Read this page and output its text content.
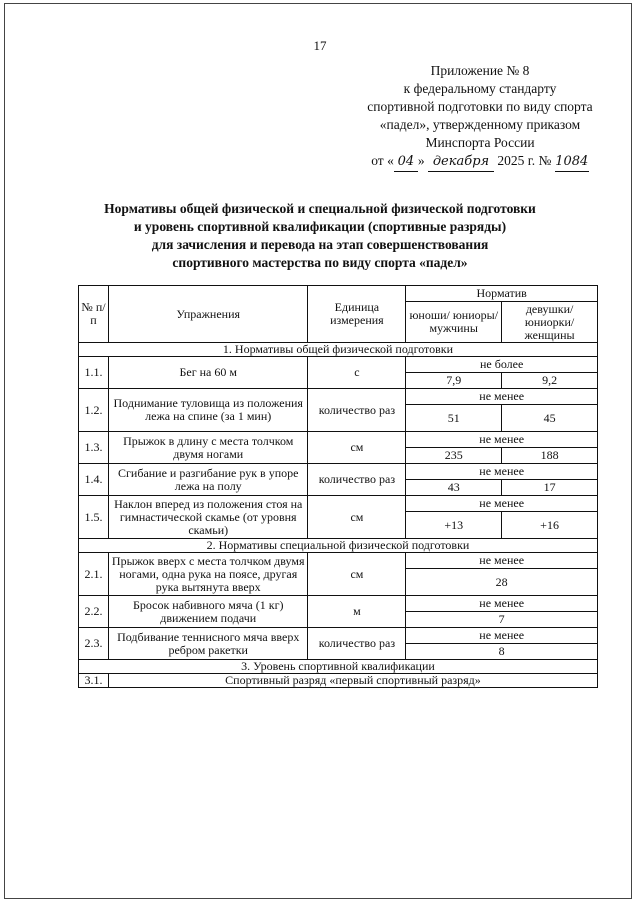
17
Приложение № 8
к федеральному стандарту
спортивной подготовки по виду спорта
«падел», утвержденному приказом
Минспорта России
от « 04 » декабря 2025 г. № 1084
Нормативы общей физической и специальной физической подготовки
и уровень спортивной квалификации (спортивные разряды)
для зачисления и перевода на этап совершенствования
спортивного мастерства по виду спорта «падел»
№ п/п	Упражнения	Единица измерения	Норматив	
			юноши/ юниоры/ мужчины	девушки/ юниорки/ женщины
1. Нормативы общей физической подготовки				
1.1.	Бег на 60 м	с	не более	
			7,9	9,2
1.2.	Поднимание туловища из положения лежа на спине (за 1 мин)	количество раз	не менее	
			51	45
1.3.	Прыжок в длину с места толчком двумя ногами	см	не менее	
			235	188
1.4.	Сгибание и разгибание рук в упоре лежа на полу	количество раз	не менее	
			43	17
1.5.	Наклон вперед из положения стоя на гимнастической скамье (от уровня скамьи)	см	не менее	
			+13	+16
2. Нормативы специальной физической подготовки				
2.1.	Прыжок вверх с места толчком двумя ногами, одна рука на поясе, другая рука вытянута вверх	см	не менее	
			28	
2.2.	Бросок набивного мяча (1 кг) движением подачи	м	не менее	
			7	
2.3.	Подбивание теннисного мяча вверх ребром ракетки	количество раз	не менее	
			8	
3. Уровень спортивной квалификации				
3.1.	Спортивный разряд «первый спортивный разряд»			
